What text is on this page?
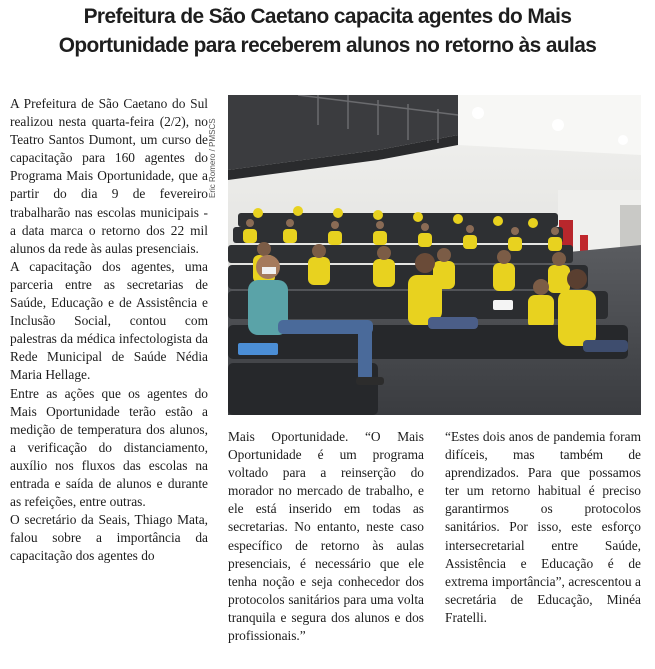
Prefeitura de São Caetano capacita agentes do Mais
Oportunidade para receberem alunos no retorno às aulas

A Prefeitura de São Caetano do Sul realizou nesta quarta-feira (2/2), no Teatro Santos Dumont, um curso de capacitação para 160 agentes do Programa Mais Oportunidade, que a partir do dia 9 de fevereiro trabalharão nas escolas municipais - a data marca o retorno dos 22 mil alunos da rede às aulas presenciais.

A capacitação dos agentes, uma parceria entre as secretarias de Saúde, Educação e de Assistência e Inclusão Social, contou com palestras da médica infectologista da Rede Municipal de Saúde Nédia Maria Hellage.

Entre as ações que os agentes do Mais Oportunidade terão estão a medição de temperatura dos alunos, a verificação do distanciamento, auxílio nos fluxos das escolas na entrada e saída de alunos e durante as refeições, entre outras.

O secretário da Seais, Thiago Mata, falou sobre a importância da capacitação dos agentes do

Eric Romero / PMSCS

Mais Oportunidade. “O Mais Oportunidade é um programa voltado para a reinserção do morador no mercado de trabalho, e ele está inserido em todas as secretarias. No entanto, neste caso específico de retorno às aulas presenciais, é necessário que ele tenha noção e seja conhecedor dos protocolos sanitários para uma volta tranquila e segura dos alunos e dos profissionais.”

“Estes dois anos de pandemia foram difíceis, mas também de aprendizados. Para que possamos ter um retorno habitual é preciso garantirmos os protocolos sanitários. Por isso, este esforço intersecretarial entre Saúde, Assistência e Educação é de extrema importância”, acrescentou a secretária de Educação, Minéa Fratelli.
